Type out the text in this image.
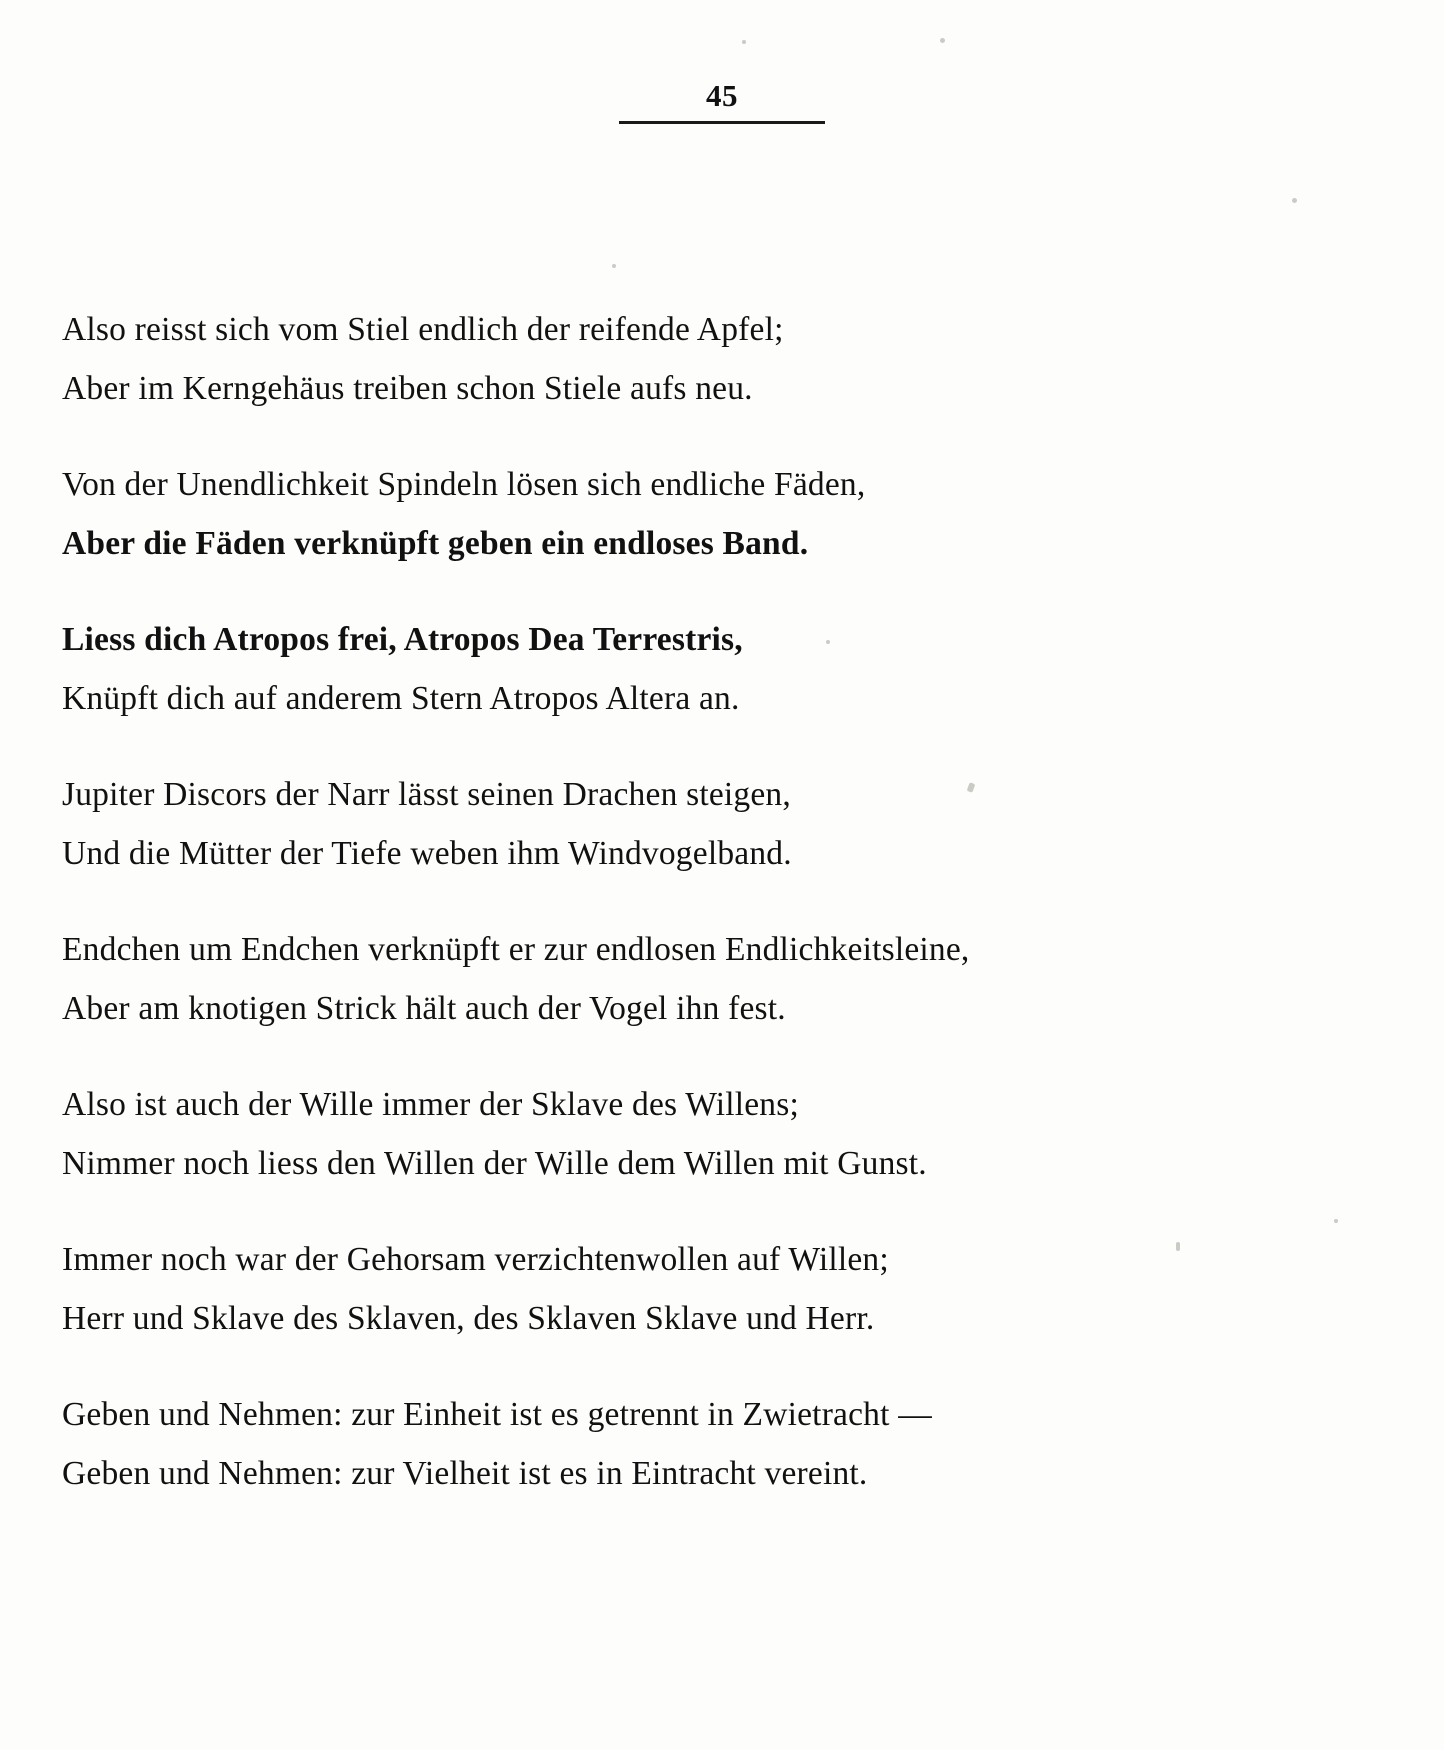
45
Also reisst sich vom Stiel endlich der reifende Apfel;
Aber im Kerngehäus treiben schon Stiele aufs neu.
Von der Unendlichkeit Spindeln lösen sich endliche Fäden,
Aber die Fäden verknüpft geben ein endloses Band.
Liess dich Atropos frei, Atropos Dea Terrestris,
Knüpft dich auf anderem Stern Atropos Altera an.
Jupiter Discors der Narr lässt seinen Drachen steigen,
Und die Mütter der Tiefe weben ihm Windvogelband.
Endchen um Endchen verknüpft er zur endlosen Endlichkeitsleine,
Aber am knotigen Strick hält auch der Vogel ihn fest.
Also ist auch der Wille immer der Sklave des Willens;
Nimmer noch liess den Willen der Wille dem Willen mit Gunst.
Immer noch war der Gehorsam verzichtenwollen auf Willen;
Herr und Sklave des Sklaven, des Sklaven Sklave und Herr.
Geben und Nehmen: zur Einheit ist es getrennt in Zwietracht —
Geben und Nehmen: zur Vielheit ist es in Eintracht vereint.
